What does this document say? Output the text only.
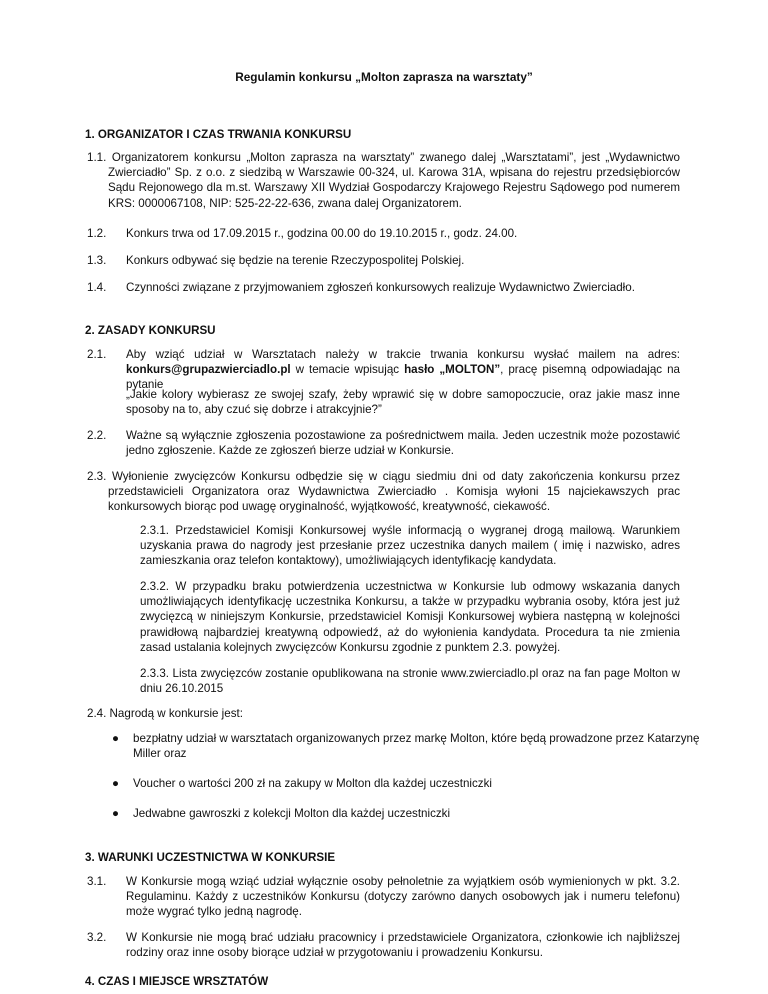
Regulamin konkursu „Molton zaprasza na warsztaty”
1. ORGANIZATOR I CZAS TRWANIA KONKURSU
1.1. Organizatorem konkursu „Molton zaprasza na warsztaty” zwanego dalej „Warsztatami”, jest „Wydawnictwo Zwierciadło” Sp. z o.o. z siedzibą w Warszawie 00-324, ul. Karowa 31A, wpisana do rejestru przedsiębiorców Sądu Rejonowego dla m.st. Warszawy XII Wydział Gospodarczy Krajowego Rejestru Sądowego pod numerem KRS: 0000067108, NIP: 525-22-22-636, zwana dalej Organizatorem.
1.2. Konkurs trwa od 17.09.2015 r., godzina 00.00 do 19.10.2015 r., godz. 24.00.
1.3. Konkurs odbywać się będzie na terenie Rzeczypospolitej Polskiej.
1.4. Czynności związane z przyjmowaniem zgłoszeń konkursowych realizuje Wydawnictwo Zwierciadło.
2. ZASADY KONKURSU
2.1. Aby wziąć udział w Warsztatach należy w trakcie trwania konkursu wysłać mailem na adres:
konkurs@grupazwierciadlo.pl w temacie wpisując hasło „MOLTON”, pracę pisemną odpowiadając na pytanie
„Jakie kolory wybierasz ze swojej szafy, żeby wprawić się w dobre samopoczucie, oraz jakie masz inne sposoby na to, aby czuć się dobrze i atrakcyjnie?”
2.2. Ważne są wyłącznie zgłoszenia pozostawione za pośrednictwem maila. Jeden uczestnik może pozostawić jedno zgłoszenie. Każde ze zgłoszeń bierze udział w Konkursie.
2.3. Wyłonienie zwycięzców Konkursu odbędzie się w ciągu siedmiu dni od daty zakończenia konkursu przez przedstawicieli Organizatora oraz Wydawnictwa Zwierciadło . Komisja wyłoni 15 najciekawszych prac konkursowych biorąc pod uwagę oryginalność, wyjątkowość, kreatywność, ciekawość.
2.3.1. Przedstawiciel Komisji Konkursowej wyśle informacją o wygranej drogą mailową. Warunkiem uzyskania prawa do nagrody jest przesłanie przez uczestnika danych mailem ( imię i nazwisko, adres zamieszkania oraz telefon kontaktowy), umożliwiających identyfikację kandydata.
2.3.2. W przypadku braku potwierdzenia uczestnictwa w Konkursie lub odmowy wskazania danych umożliwiających identyfikację uczestnika Konkursu, a także w przypadku wybrania osoby, która jest już zwycięzcą w niniejszym Konkursie, przedstawiciel Komisji Konkursowej wybiera następną w kolejności prawidłową najbardziej kreatywną odpowiedź, aż do wyłonienia kandydata. Procedura ta nie zmienia zasad ustalania kolejnych zwycięzców Konkursu zgodnie z punktem 2.3. powyżej.
2.3.3. Lista zwycięzców zostanie opublikowana na stronie www.zwierciadlo.pl oraz na fan page Molton w dniu 26.10.2015
2.4. Nagrodą w konkursie jest:
● bezpłatny udział w warsztatach organizowanych przez markę Molton, które będą prowadzone przez Katarzynę Miller oraz
● Voucher o wartości 200 zł na zakupy w Molton dla każdej uczestniczki
● Jedwabne gawroszki z kolekcji Molton dla każdej uczestniczki
3. WARUNKI UCZESTNICTWA W KONKURSIE
3.1. W Konkursie mogą wziąć udział wyłącznie osoby pełnoletnie za wyjątkiem osób wymienionych w pkt. 3.2. Regulaminu. Każdy z uczestników Konkursu (dotyczy zarówno danych osobowych jak i numeru telefonu) może wygrać tylko jedną nagrodę.
3.2. W Konkursie nie mogą brać udziału pracownicy i przedstawiciele Organizatora, członkowie ich najbliższej rodziny oraz inne osoby biorące udział w przygotowaniu i prowadzeniu Konkursu.
4. CZAS I MIEJSCE WRSZTATÓW
